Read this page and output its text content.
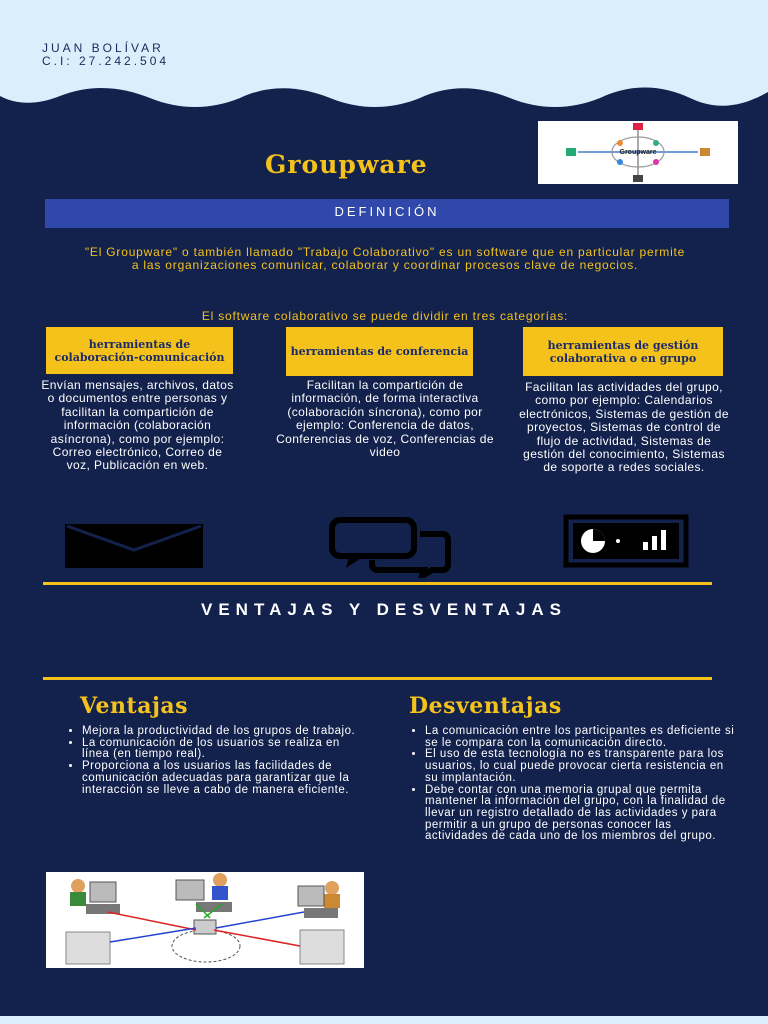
JUAN BOLÍVAR
C.I: 27.242.504
Groupware	Groupware
DEFINICIÓN
"El Groupware" o también llamado "Trabajo Colaborativo" es un software que en particular permite a las organizaciones comunicar, colaborar y coordinar procesos clave de negocios.
El software colaborativo se puede dividir en tres categorías:
herramientas de colaboración-comunicación	herramientas de conferencia	herramientas de gestión colaborativa o en grupo
Envían mensajes, archivos, datos o documentos entre personas y facilitan la compartición de información (colaboración asíncrona), como por ejemplo: Correo electrónico, Correo de voz, Publicación en web.
Facilitan la compartición de información, de forma interactiva (colaboración síncrona), como por ejemplo: Conferencia de datos, Conferencias de voz, Conferencias de video
Facilitan las actividades del grupo, como por ejemplo: Calendarios electrónicos, Sistemas de gestión de proyectos, Sistemas de control de flujo de actividad, Sistemas de gestión del conocimiento, Sistemas de soporte a redes sociales.
VENTAJAS Y DESVENTAJAS
Ventajas	Desventajas
• Mejora la productividad de los grupos de trabajo.
• La comunicación de los usuarios se realiza en línea (en tiempo real).
• Proporciona a los usuarios las facilidades de comunicación adecuadas para garantizar que la interacción se lleve a cabo de manera eficiente.
• La comunicación entre los participantes es deficiente si se le compara con la comunicación directo.
• El uso de esta tecnología no es transparente para los usuarios, lo cual puede provocar cierta resistencia en su implantación.
• Debe contar con una memoria grupal que permita mantener la información del grupo, con la finalidad de llevar un registro detallado de las actividades y para permitir a un grupo de personas conocer las actividades de cada uno de los miembros del grupo.
